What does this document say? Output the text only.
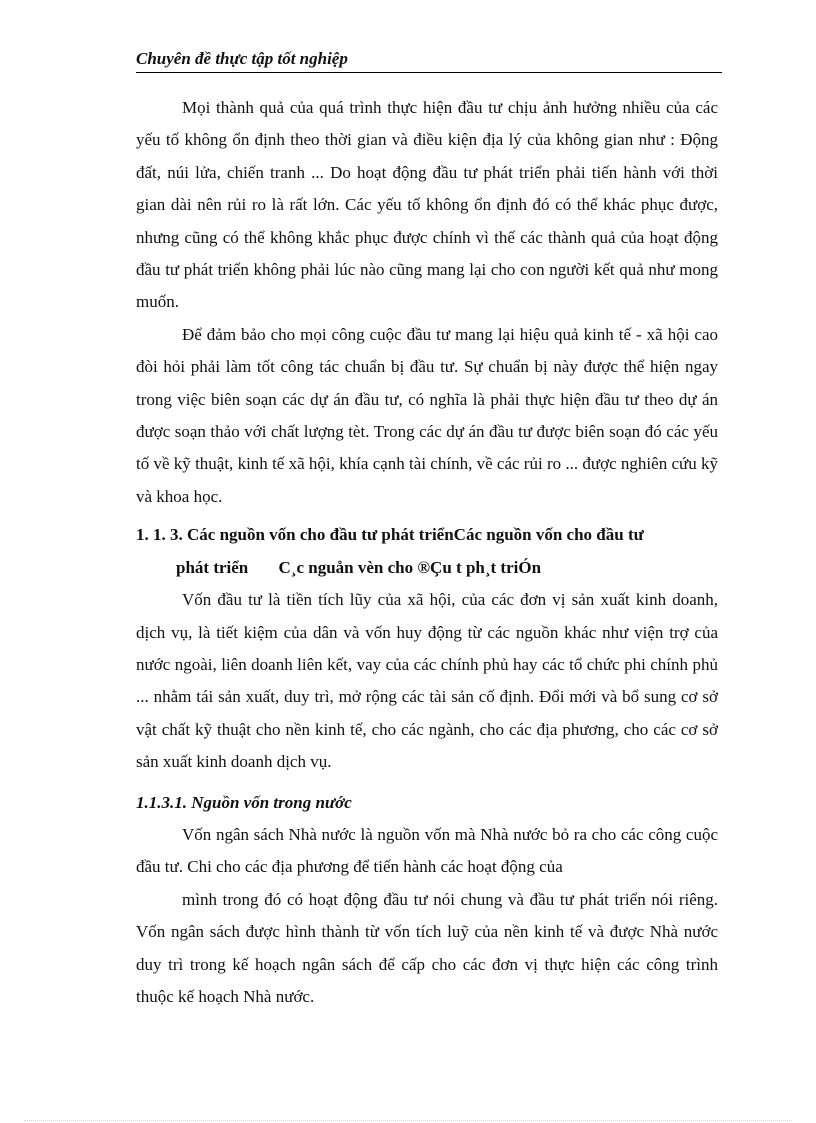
Chuyên đề thực tập tốt nghiệp

Mọi thành quả của quá trình thực hiện đầu tư chịu ảnh hưởng nhiều của các yếu tố không ổn định theo thời gian và điều kiện địa lý của không gian như : Động đất, núi lửa, chiến tranh ... Do hoạt động đầu tư phát triển phải tiến hành với thời gian dài nên rủi ro là rất lớn. Các yếu tố không ổn định đó có thể khác phục được, nhưng cũng có thể không khắc phục được chính vì thế các thành quả của hoạt động đầu tư phát triển không phải lúc nào cũng mang lại cho con người kết quả như mong muốn.

Để đảm bảo cho mọi công cuộc đầu tư mang lại hiệu quả kinh tế - xã hội cao đòi hỏi phải làm tốt công tác chuẩn bị đầu tư. Sự chuẩn bị này được thể hiện ngay trong việc biên soạn các dự án đầu tư, có nghĩa là phải thực hiện đầu tư theo dự án được soạn thảo với chất lượng tèt. Trong các dự án đầu tư được biên soạn đó các yếu tố về kỹ thuật, kinh tế xã hội, khía cạnh tài chính, về các rủi ro ... được nghiên cứu kỹ và khoa học.

1. 1. 3. Các nguồn vốn cho đầu tư phát triểnCác nguồn vốn cho đầu tư
phát triển C¸c nguån vèn cho ®Çu t ph¸t triÓn

Vốn đầu tư là tiền tích lũy của xã hội, của các đơn vị sản xuất kinh doanh, dịch vụ, là tiết kiệm của dân và vốn huy động từ các nguồn khác như viện trợ của nước ngoài, liên doanh liên kết, vay của các chính phủ hay các tổ chức phi chính phủ ... nhằm tái sản xuất, duy trì, mở rộng các tài sản cố định. Đổi mới và bổ sung cơ sở vật chất kỹ thuật cho nền kinh tế, cho các ngành, cho các địa phương, cho các cơ sở sản xuất kinh doanh dịch vụ.

1.1.3.1. Nguồn vốn trong nước

Vốn ngân sách Nhà nước là nguồn vốn mà Nhà nước bỏ ra cho các công cuộc đầu tư. Chi cho các địa phương để tiến hành các hoạt động của

mình trong đó có hoạt động đầu tư nói chung và đầu tư phát triển nói riêng. Vốn ngân sách được hình thành từ vốn tích luỹ của nền kinh tế và được Nhà nước duy trì trong kế hoạch ngân sách để cấp cho các đơn vị thực hiện các công trình thuộc kế hoạch Nhà nước.
